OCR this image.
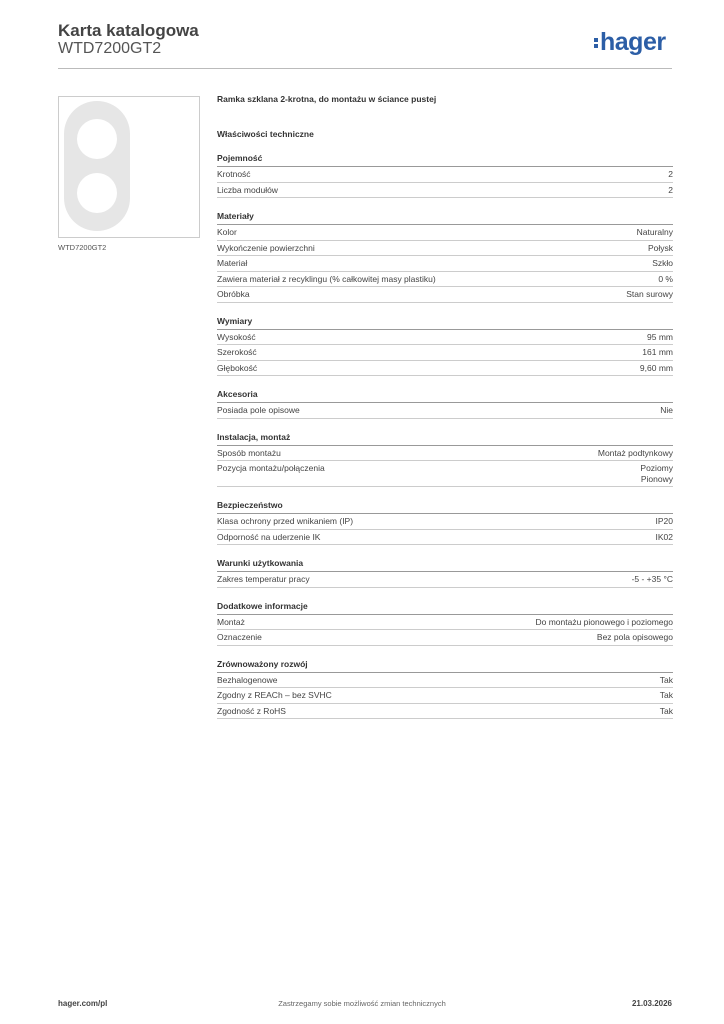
Karta katalogowa
WTD7200GT2	hager
WTD7200GT2
Ramka szklana 2-krotna, do montażu w ściance pustej
Właściwości techniczne
Pojemność
Krotność	2
Liczba modułów	2
Materiały
Kolor	Naturalny
Wykończenie powierzchni	Połysk
Materiał	Szkło
Zawiera materiał z recyklingu (% całkowitej masy plastiku)	0 %
Obróbka	Stan surowy
Wymiary
Wysokość	95 mm
Szerokość	161 mm
Głębokość	9,60 mm
Akcesoria
Posiada pole opisowe	Nie
Instalacja, montaż
Sposób montażu	Montaż podtynkowy
Pozycja montażu/połączenia	Poziomy
Pionowy
Bezpieczeństwo
Klasa ochrony przed wnikaniem (IP)	IP20
Odporność na uderzenie IK	IK02
Warunki użytkowania
Zakres temperatur pracy	-5 - +35 °C
Dodatkowe informacje
Montaż	Do montażu pionowego i poziomego
Oznaczenie	Bez pola opisowego
Zrównoważony rozwój
Bezhalogenowe	Tak
Zgodny z REACh – bez SVHC	Tak
Zgodność z RoHS	Tak
hager.com/pl	Zastrzegamy sobie możliwość zmian technicznych	21.03.2026
